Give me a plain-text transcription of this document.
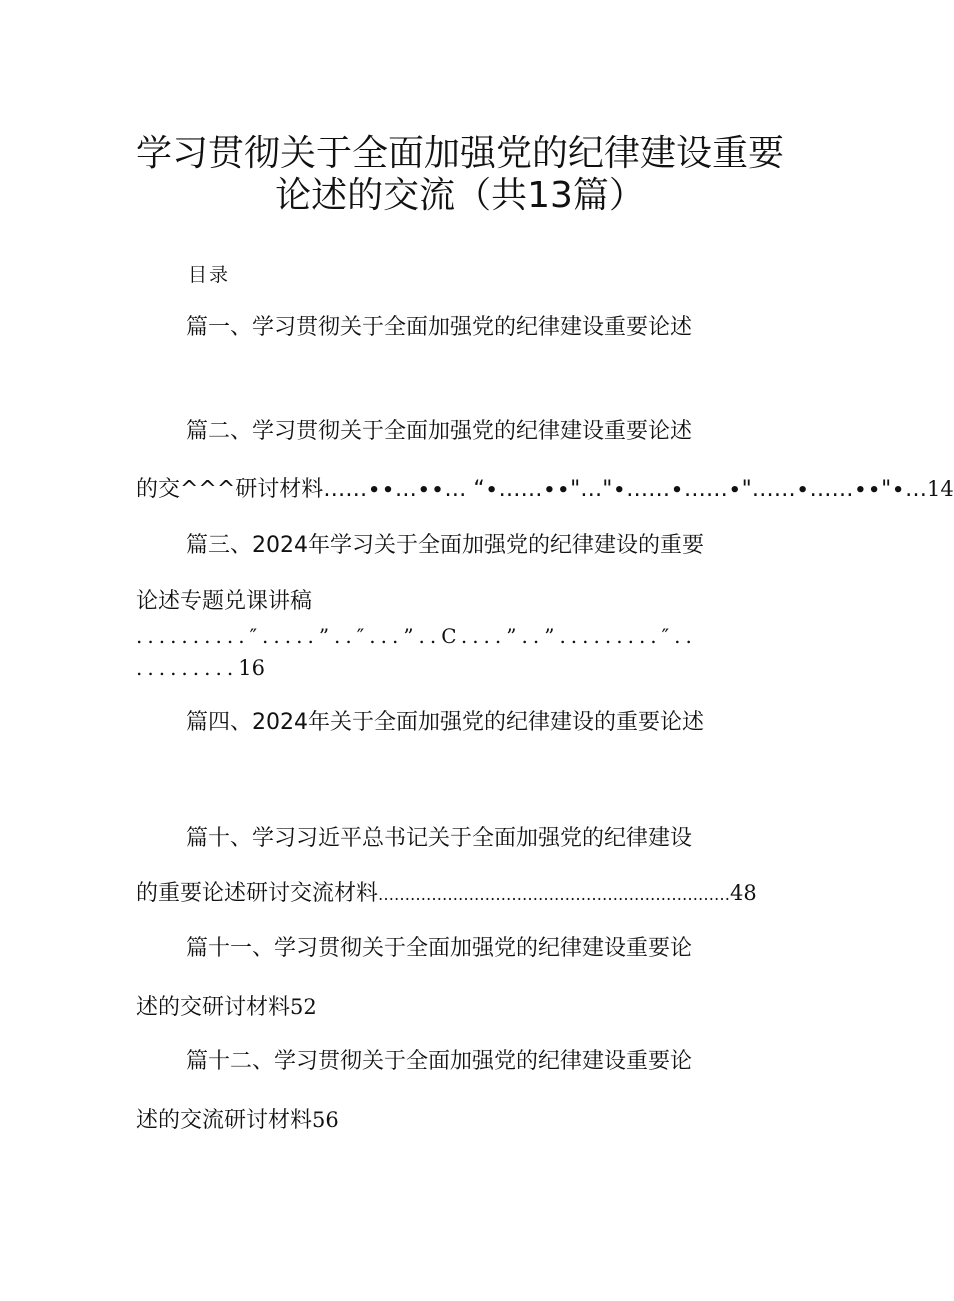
学习贯彻关于全面加强党的纪律建设重要
论述的交流（共13篇）
目录

篇一、学习贯彻关于全面加强党的纪律建设重要论述

篇二、学习贯彻关于全面加强党的纪律建设重要论述

的交^^^研讨材料……∙∙…∙∙… “∙……∙∙"…"∙……∙……∙"……∙……∙∙"∙…14

篇三、2024年学习关于全面加强党的纪律建设的重要

论述专题兑课讲稿

..........″.....”..″...”..C....”..”.........″..
.........16

篇四、2024年关于全面加强党的纪律建设的重要论述

篇十、学习习近平总书记关于全面加强党的纪律建设

的重要论述研讨交流材料…………………………………………………………48

篇十一、学习贯彻关于全面加强党的纪律建设重要论

述的交研讨材料52

篇十二、学习贯彻关于全面加强党的纪律建设重要论

述的交流研讨材料56
